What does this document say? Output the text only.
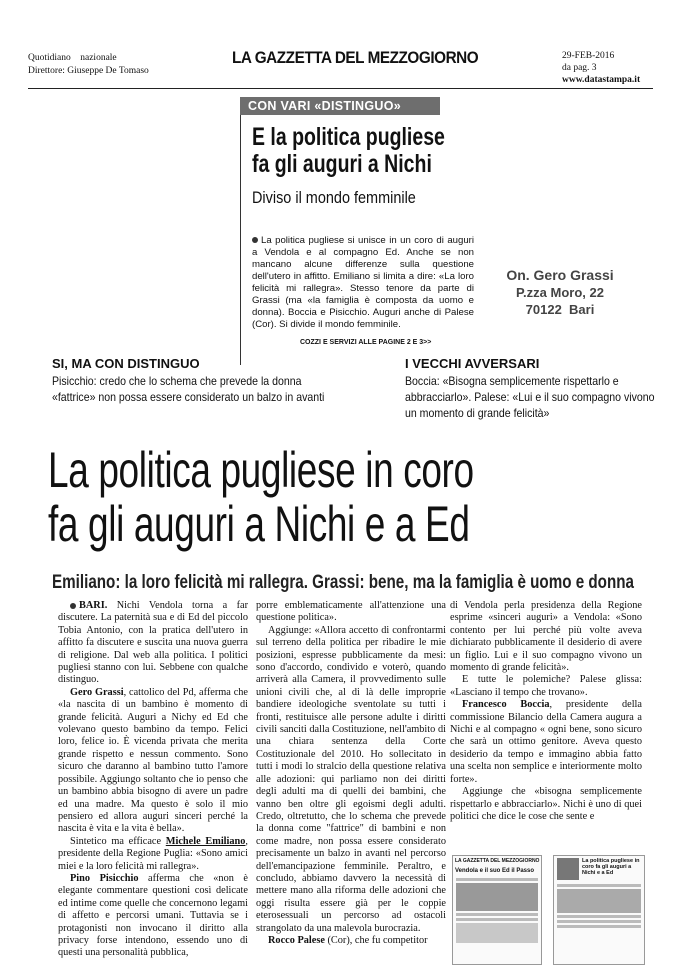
Quotidiano    nazionale
Direttore: Giuseppe De Tomaso
LA GAZZETTA DEL MEZZOGIORNO	29-FEB-2016
da pag. 3
www.datastampa.it
CON VARI «DISTINGUO»
E la politica pugliese fa gli auguri a Nichi
Diviso il mondo femminile
La politica pugliese si unisce in un coro di auguri a Vendola e al compagno Ed. Anche se non mancano alcune differenze sulla questione dell'utero in affitto. Emiliano si limita a dire: «La loro felicità mi rallegra». Stesso tenore da parte di Grassi (ma «la famiglia è composta da uomo e donna). Boccia e Pisicchio. Auguri anche di Palese (Cor). Si divide il mondo femminile.
COZZI E SERVIZI ALLE PAGINE 2 E 3>>
On. Gero Grassi
P.zza Moro, 22
70122  Bari
SI, MA CON DISTINGUO
Pisicchio: credo che lo schema che prevede la donna «fattrice» non possa essere considerato un balzo in avanti
I VECCHI AVVERSARI
Boccia: «Bisogna semplicemente rispettarlo e abbracciarlo». Palese: «Lui e il suo compagno vivono un momento di grande felicità»
La politica pugliese in coro
fa gli auguri a Nichi e a Ed
Emiliano: la loro felicità mi rallegra. Grassi: bene, ma la famiglia è uomo e donna

BARI. Nichi Vendola torna a far discutere. La paternità sua e di Ed del piccolo Tobia Antonio, con la pratica dell'utero in affitto fa discutere e suscita una nuova guerra di religione. Dal web alla politica. I politici pugliesi stanno con lui. Sebbene con qualche distinguo.

Gero Grassi, cattolico del Pd, afferma che «la nascita di un bambino è momento di grande felicità. Auguri a Nichy ed Ed che volevano questo bambino da tempo. Felici loro, felice io. È vicenda privata che merita grande rispetto e nessun commento. Sono sicuro che daranno al bambino tutto l'amore possibile. Aggiungo soltanto che io penso che un bambino abbia bisogno di avere un padre ed una madre. Ma questo è solo il mio pensiero ed allora auguri sinceri perché la nascita è vita e la vita è bella».

Sintetico ma efficace Michele Emiliano, presidente della Regione Puglia: «Sono amici miei e la loro felicità mi rallegra».

Pino Pisicchio afferma che «non è elegante commentare questioni così delicate ed intime come quelle che concernono legami di affetto e percorsi umani. Tuttavia se i protagonisti non invocano il diritto alla privacy forse intendono, essendo uno di questi una personalità pubblica,

porre emblematicamente all'attenzione una questione politica».

Aggiunge: «Allora accetto di confrontarmi sul terreno della politica per ribadire le mie posizioni, espresse pubblicamente da mesi: sono d'accordo, condivido e voterò, quando arriverà alla Camera, il provvedimento sulle unioni civili che, al di là delle improprie bandiere ideologiche sventolate su tutti i fronti, restituisce alle persone adulte i diritti civili sanciti dalla Costituzione, nell'ambito di una chiara sentenza della Corte Costituzionale del 2010. Ho sollecitato in tutti i modi lo stralcio della questione relativa alle adozioni: qui parliamo non dei diritti degli adulti ma di quelli dei bambini, che vanno ben oltre gli egoismi degli adulti. Credo, oltretutto, che lo schema che prevede la donna come "fattrice" di bambini e non come madre, non possa essere considerato precisamente un balzo in avanti nel percorso dell'emancipazione femminile. Peraltro, e concludo, abbiamo davvero la necessità di mettere mano alla riforma delle adozioni che oggi risulta essere già per le coppie eterosessuali un percorso ad ostacoli strangolato da una malevola burocrazia.

Rocco Palese (Cor), che fu competitor

di Vendola perla presidenza della Regione esprime «sinceri auguri» a Vendola: «Sono contento per lui perché più volte aveva dichiarato pubblicamente il desiderio di avere un figlio. Lui e il suo compagno vivono un momento di grande felicità».

E tutte le polemiche? Palese glissa: «Lasciano il tempo che trovano».

Francesco Boccia, presidente della commissione Bilancio della Camera augura a Nichi e al compagno « ogni bene, sono sicuro che sarà un ottimo genitore. Aveva questo desiderio da tempo e immagino abbia fatto una scelta non semplice e interiormente molto forte».

Aggiunge che «bisogna semplicemente rispettarlo e abbracciarlo». Nichi è uno di quei politici che dice le cose che sente e

LA GAZZETTA DEL MEZZOGIORNO
Vendola e il suo Ed il Passo
La politica pugliese in coro fa gli auguri a Nichi e a Ed
